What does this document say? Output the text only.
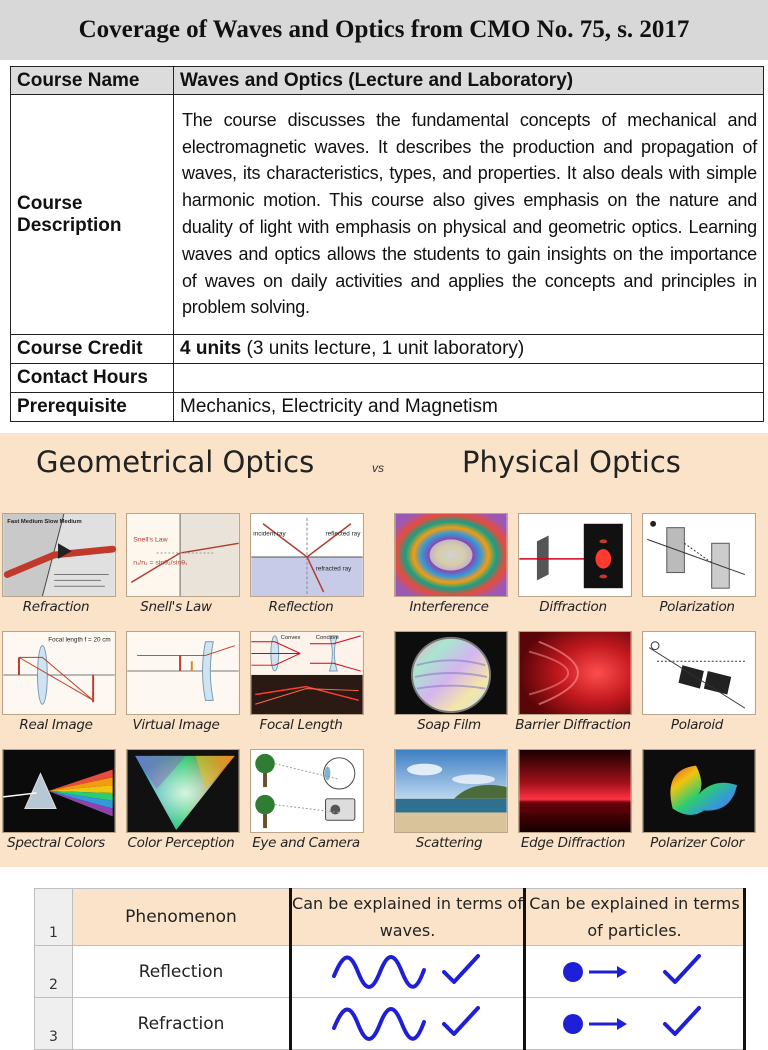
Coverage of Waves and Optics from CMO No. 75, s. 2017
Course Name	Waves and Optics (Lecture and Laboratory)
Course Description	The course discusses the fundamental concepts of mechanical and electromagnetic waves. It describes the production and propagation of waves, its characteristics, types, and properties. It also deals with simple harmonic motion. This course also gives emphasis on the nature and duality of light with emphasis on physical and geometric optics. Learning waves and optics allows the students to gain insights on the importance of waves on daily activities and applies the concepts and principles in problem solving.
Course Credit	4 units (3 units lecture, 1 unit laboratory)
Contact Hours	
Prerequisite	Mechanics, Electricity and Magnetism
Geometrical Optics	vs	Physical Optics
Fast Medium Slow Medium
Refraction
Snell's Law
n₁/n₂ = sinθ₂/sinθ₁
Snell's Law
incident ray	reflected ray
refracted ray
Reflection	Interference	Diffraction	Polarization
Focal length f = 20 cm
Real Image	Virtual Image
Convex	Concave
Focal Length	Soap Film	Barrier Diffraction	Polaroid
Spectral Colors	Color Perception	Eye and Camera	Scattering	Edge Diffraction	Polarizer Color
1	Phenomenon	Can be explained in terms of waves.	Can be explained in terms of particles.
2	Reflection		
3	Refraction		
